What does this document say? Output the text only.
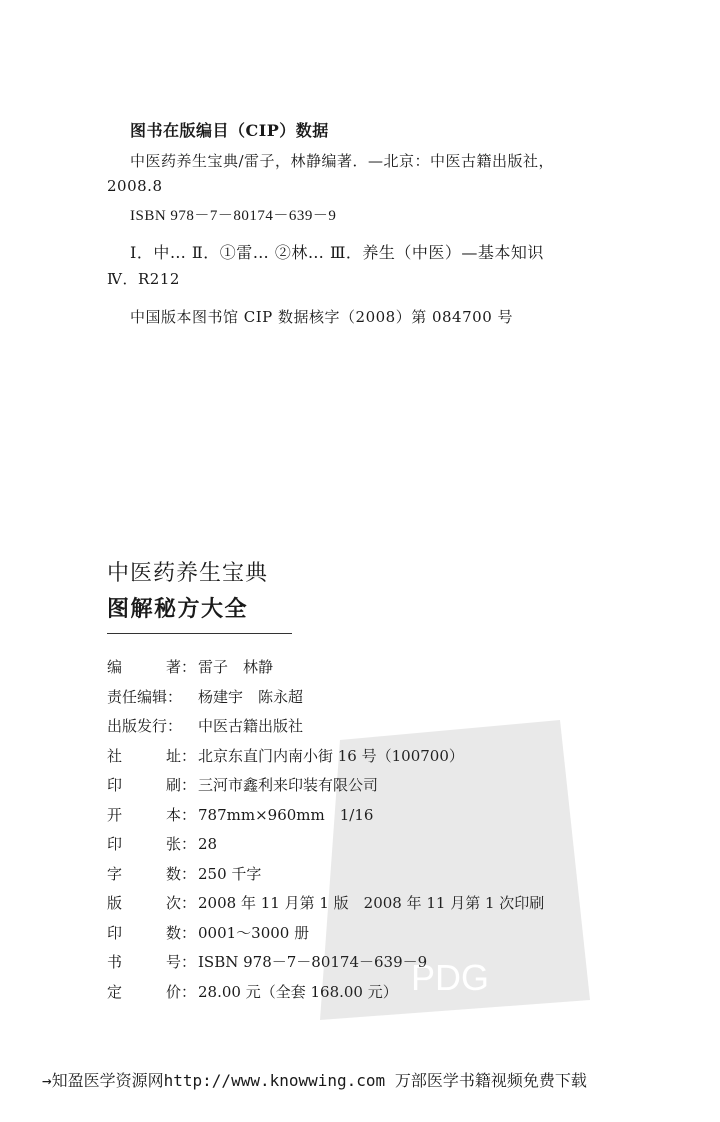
图书在版编目（CIP）数据
中医药养生宝典/雷子，林静编著．—北京：中医古籍出版社，
2008.8
ISBN 978－7－80174－639－9
Ⅰ．中… Ⅱ．①雷… ②林… Ⅲ．养生（中医）—基本知识
Ⅳ．R212
中国版本图书馆 CIP 数据核字（2008）第 084700 号
中医药养生宝典
图解秘方大全
编	著： 雷子　林静
责任编辑： 杨建宇　陈永超
出版发行： 中医古籍出版社
社	址： 北京东直门内南小街 16 号（100700）
印	刷： 三河市鑫利来印装有限公司
开	本： 787mm×960mm　1/16
印	张： 28
字	数： 250 千字
版	次： 2008 年 11 月第 1 版　2008 年 11 月第 1 次印刷
印	数： 0001～3000 册
书	号： ISBN 978－7－80174－639－9
定	价： 28.00 元（全套 168.00 元） PDG
→知盈医学资源网http://www.knowwing.com 万部医学书籍视频免费下载
